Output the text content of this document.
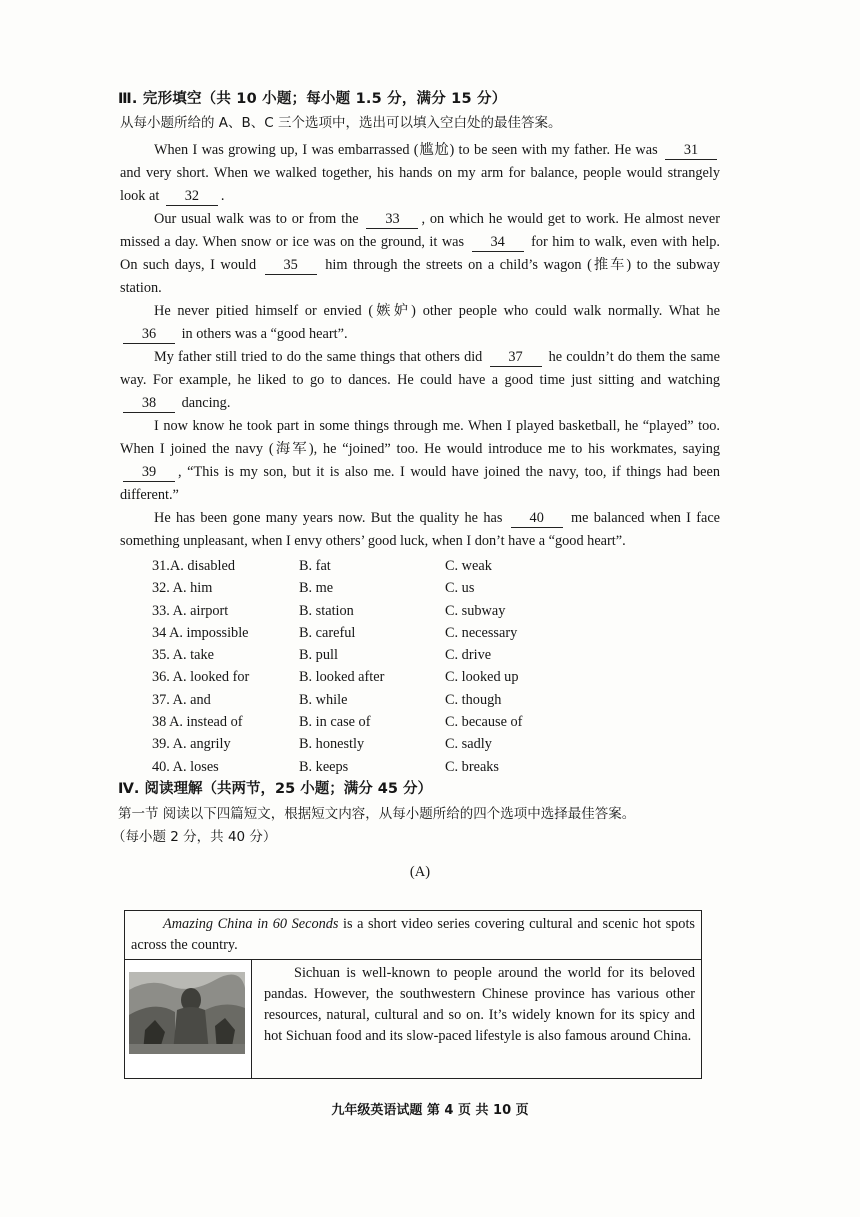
Ⅲ. 完形填空（共 10 小题；每小题 1.5 分，满分 15 分）
从每小题所给的 A、B、C 三个选项中，选出可以填入空白处的最佳答案。

When I was growing up, I was embarrassed (尴尬) to be seen with my father. He was 31 and very short. When we walked together, his hands on my arm for balance, people would strangely look at 32 .

Our usual walk was to or from the 33 , on which he would get to work. He almost never missed a day. When snow or ice was on the ground, it was 34 for him to walk, even with help. On such days, I would 35 him through the streets on a child’s wagon (推车) to the subway station.

He never pitied himself or envied (嫉妒) other people who could walk normally. What he 36 in others was a “good heart”.

My father still tried to do the same things that others did 37 he couldn’t do them the same way. For example, he liked to go to dances. He could have a good time just sitting and watching 38 dancing.

I now know he took part in some things through me. When I played basketball, he “played” too. When I joined the navy (海军), he “joined” too. He would introduce me to his workmates, saying 39 , “This is my son, but it is also me. I would have joined the navy, too, if things had been different.”

He has been gone many years now. But the quality he has 40 me balanced when I face something unpleasant, when I envy others’ good luck, when I don’t have a “good heart”.

31.A. disabled	B. fat	C. weak
32. A. him	B. me	C. us
33. A. airport	B. station	C. subway
34 A. impossible	B. careful	C. necessary
35. A. take	B. pull	C. drive
36. A. looked for	B. looked after	C. looked up
37. A. and	B. while	C. though
38 A. instead of	B. in case of	C. because of
39. A. angrily	B. honestly	C. sadly
40. A. loses	B. keeps	C. breaks
Ⅳ. 阅读理解（共两节，25 小题；满分 45 分）
第一节 阅读以下四篇短文，根据短文内容，从每小题所给的四个选项中选择最佳答案。
（每小题 2 分，共 40 分）
(A)
Amazing China in 60 Seconds is a short video series covering cultural and scenic hot spots across the country.
Sichuan is well-known to people around the world for its beloved pandas. However, the southwestern Chinese province has various other resources, natural, cultural and so on. It’s widely known for its spicy and hot Sichuan food and its slow-paced lifestyle is also famous around China.
九年级英语试题 第 4 页 共 10 页
